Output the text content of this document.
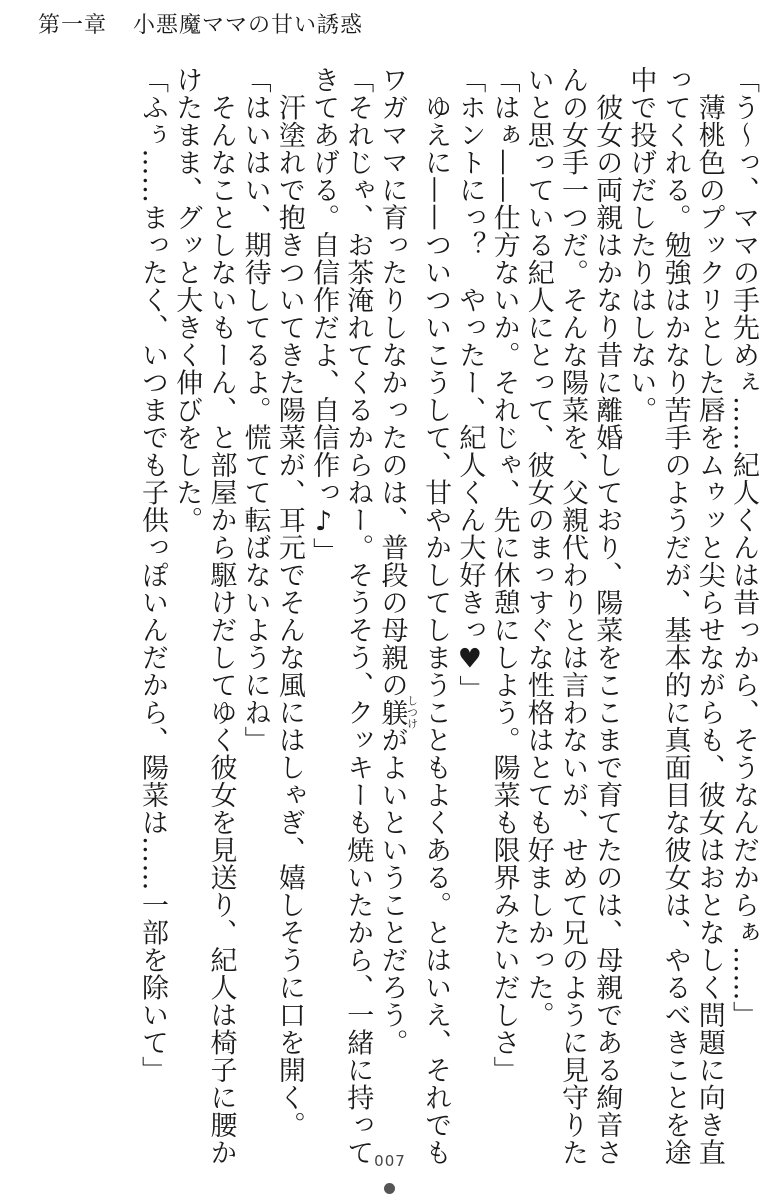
第一章 小悪魔ママの甘い誘惑
「う〜っ、ママの手先めぇ……紀人くんは昔っから、そうなんだからぁ……」
　薄桃色のプックリとした唇をムゥッと尖らせながらも、彼女はおとなしく問題に向き直
ってくれる。勉強はかなり苦手のようだが、基本的に真面目な彼女は、やるべきことを途
中で投げだしたりはしない。
　彼女の両親はかなり昔に離婚しており、陽菜をここまで育てたのは、母親である絢音さ
んの女手一つだ。そんな陽菜を、父親代わりとは言わないが、せめて兄のように見守りた
いと思っている紀人にとって、彼女のまっすぐな性格はとても好ましかった。
「はぁ——仕方ないか。それじゃ、先に休憩にしよう。陽菜も限界みたいだしさ」
「ホントにっ？　やったー、紀人くん大好きっ♥」
　ゆえに——ついついこうして、甘やかしてしまうこともよくある。とはいえ、それでも
ワガママに育ったりしなかったのは、普段の母親の躾しつけがよいということだろう。
「それじゃ、お茶淹れてくるからねー。そうそう、クッキーも焼いたから、一緒に持って
きてあげる。自信作だよ、自信作っ♪」
　汗塗れで抱きついてきた陽菜が、耳元でそんな風にはしゃぎ、嬉しそうに口を開く。
「はいはい、期待してるよ。慌てて転ばないようにね」
　そんなことしないもーん、と部屋から駆けだしてゆく彼女を見送り、紀人は椅子に腰か
けたまま、グッと大きく伸びをした。
「ふぅ……まったく、いつまでも子供っぽいんだから、陽菜は……一部を除いて」
007
